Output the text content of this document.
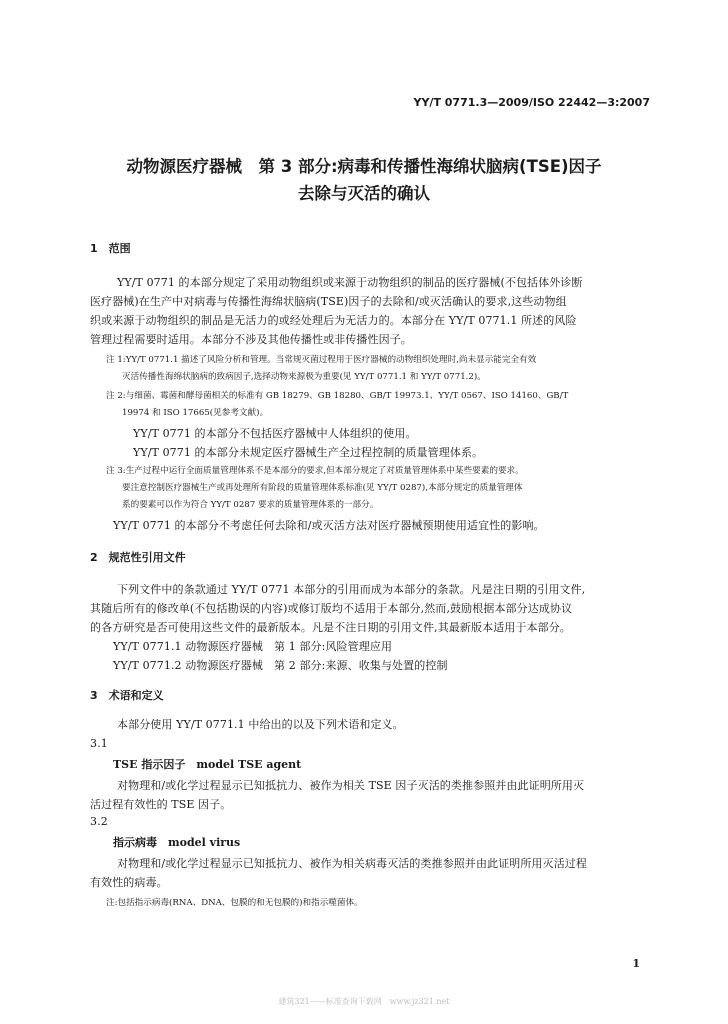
YY/T 0771.3—2009/ISO 22442—3:2007
动物源医疗器械　第 3 部分:病毒和传播性海绵状脑病(TSE)因子
去除与灭活的确认
1　范围
YY/T 0771 的本部分规定了采用动物组织或来源于动物组织的制品的医疗器械(不包括体外诊断
医疗器械)在生产中对病毒与传播性海绵状脑病(TSE)因子的去除和/或灭活确认的要求,这些动物组
织或来源于动物组织的制品是无活力的或经处理后为无活力的。本部分在 YY/T 0771.1 所述的风险
管理过程需要时适用。本部分不涉及其他传播性或非传播性因子。
注 1:YY/T 0771.1 描述了风险分析和管理。当常规灭菌过程用于医疗器械的动物组织处理时,尚未显示能完全有效
灭活传播性海绵状脑病的致病因子,选择动物来源极为重要(见 YY/T 0771.1 和 YY/T 0771.2)。
注 2:与细菌、霉菌和酵母菌相关的标准有 GB 18279、GB 18280、GB/T 19973.1、YY/T 0567、ISO 14160、GB/T
19974 和 ISO 17665(见参考文献)。
YY/T 0771 的本部分不包括医疗器械中人体组织的使用。
YY/T 0771 的本部分未规定医疗器械生产全过程控制的质量管理体系。
注 3:生产过程中运行全面质量管理体系不是本部分的要求,但本部分规定了对质量管理体系中某些要素的要求。
要注意控制医疗器械生产或再处理所有阶段的质量管理体系标准(见 YY/T 0287),本部分规定的质量管理体
系的要素可以作为符合 YY/T 0287 要求的质量管理体系的一部分。
YY/T 0771 的本部分不考虑任何去除和/或灭活方法对医疗器械预期使用适宜性的影响。
2　规范性引用文件
下列文件中的条款通过 YY/T 0771 本部分的引用而成为本部分的条款。凡是注日期的引用文件,
其随后所有的修改单(不包括勘误的内容)或修订版均不适用于本部分,然而,鼓励根据本部分达成协议
的各方研究是否可使用这些文件的最新版本。凡是不注日期的引用文件,其最新版本适用于本部分。
YY/T 0771.1 动物源医疗器械　第 1 部分:风险管理应用
YY/T 0771.2 动物源医疗器械　第 2 部分:来源、收集与处置的控制
3　术语和定义
本部分使用 YY/T 0771.1 中给出的以及下列术语和定义。
3.1
TSE 指示因子　model TSE agent
对物理和/或化学过程显示已知抵抗力、被作为相关 TSE 因子灭活的类推参照并由此证明所用灭
活过程有效性的 TSE 因子。
3.2
指示病毒　model virus
对物理和/或化学过程显示已知抵抗力、被作为相关病毒灭活的类推参照并由此证明所用灭活过程
有效性的病毒。
注:包括指示病毒(RNA、DNA、包膜的和无包膜的)和指示噬菌体。
1
建筑321——标准查询下载网　www.jz321.net
